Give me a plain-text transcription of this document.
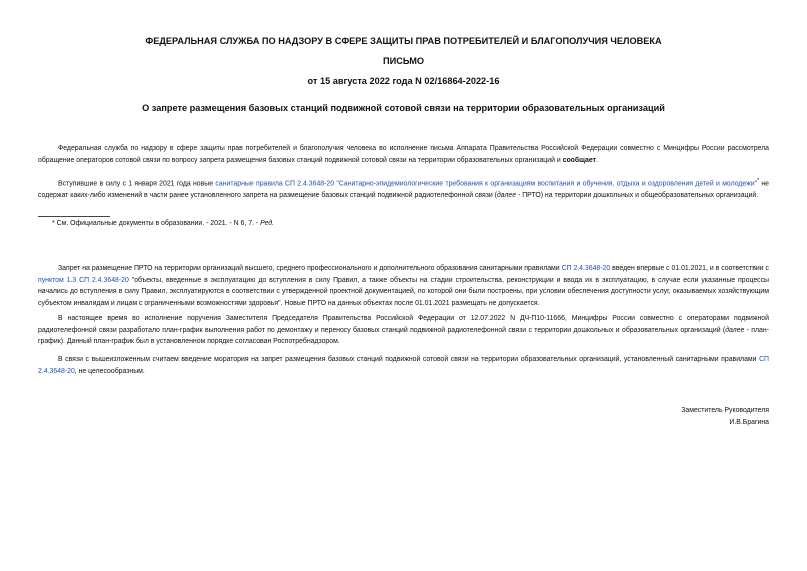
ФЕДЕРАЛЬНАЯ СЛУЖБА ПО НАДЗОРУ В СФЕРЕ ЗАЩИТЫ ПРАВ ПОТРЕБИТЕЛЕЙ И БЛАГОПОЛУЧИЯ ЧЕЛОВЕКА
ПИСЬМО
от 15 августа 2022 года N 02/16864-2022-16
О запрете размещения базовых станций подвижной сотовой связи на территории образовательных организаций

Федеральная служба по надзору в сфере защиты прав потребителей и благополучия человека во исполнение письма Аппарата Правительства Российской Федерации совместно с Минцифры России рассмотрела обращение операторов сотовой связи по вопросу запрета размещения базовых станций подвижной сотовой связи на территории образовательных организаций и сообщает.

Вступившие в силу с 1 января 2021 года новые санитарные правила СП 2.4.3648-20 "Санитарно-эпидемиологические требования к организациям воспитания и обучения, отдыха и оздоровления детей и молодежи"* не содержат каких-либо изменений в части ранее установленного запрета на размещение базовых станций подвижной радиотелефонной связи (далее - ПРТО) на территории дошкольных и общеобразовательных организаций.

* См. Официальные документы в образовании. - 2021. - N 6, 7. - Ред.

Запрет на размещение ПРТО на территории организаций высшего, среднего профессионального и дополнительного образования санитарными правилами СП 2.4.3648-20 введен впервые с 01.01.2021, и в соответствии с пунктом 1.3 СП 2.4.3648-20 "объекты, введенные в эксплуатацию до вступления в силу Правил, а также объекты на стадии строительства, реконструкции и ввода их в эксплуатацию, в случае если указанные процессы начались до вступления в силу Правил, эксплуатируются в соответствии с утвержденной проектной документацией, по которой они были построены, при условии обеспечения доступности услуг, оказываемых хозяйствующим субъектом инвалидам и лицам с ограниченными возможностями здоровья". Новые ПРТО на данных объектах после 01.01.2021 размещать не допускается.

В настоящее время во исполнение поручения Заместителя Председателя Правительства Российской Федерации от 12.07.2022 N ДЧ-П10-11666, Минцифры России совместно с операторами подвижной радиотелефонной связи разработало план-график выполнения работ по демонтажу и переносу базовых станций подвижной радиотелефонной связи с территории дошкольных и образовательных организаций (далее - план-график). Данный план-график был в установленном порядке согласован Роспотребнадзором.

В связи с вышеизложенным считаем введение моратория на запрет размещения базовых станций подвижной сотовой связи на территории образовательных организаций, установленный санитарными правилами СП 2.4.3648-20, не целесообразным.

Заместитель Руководителя
И.В.Брагина
